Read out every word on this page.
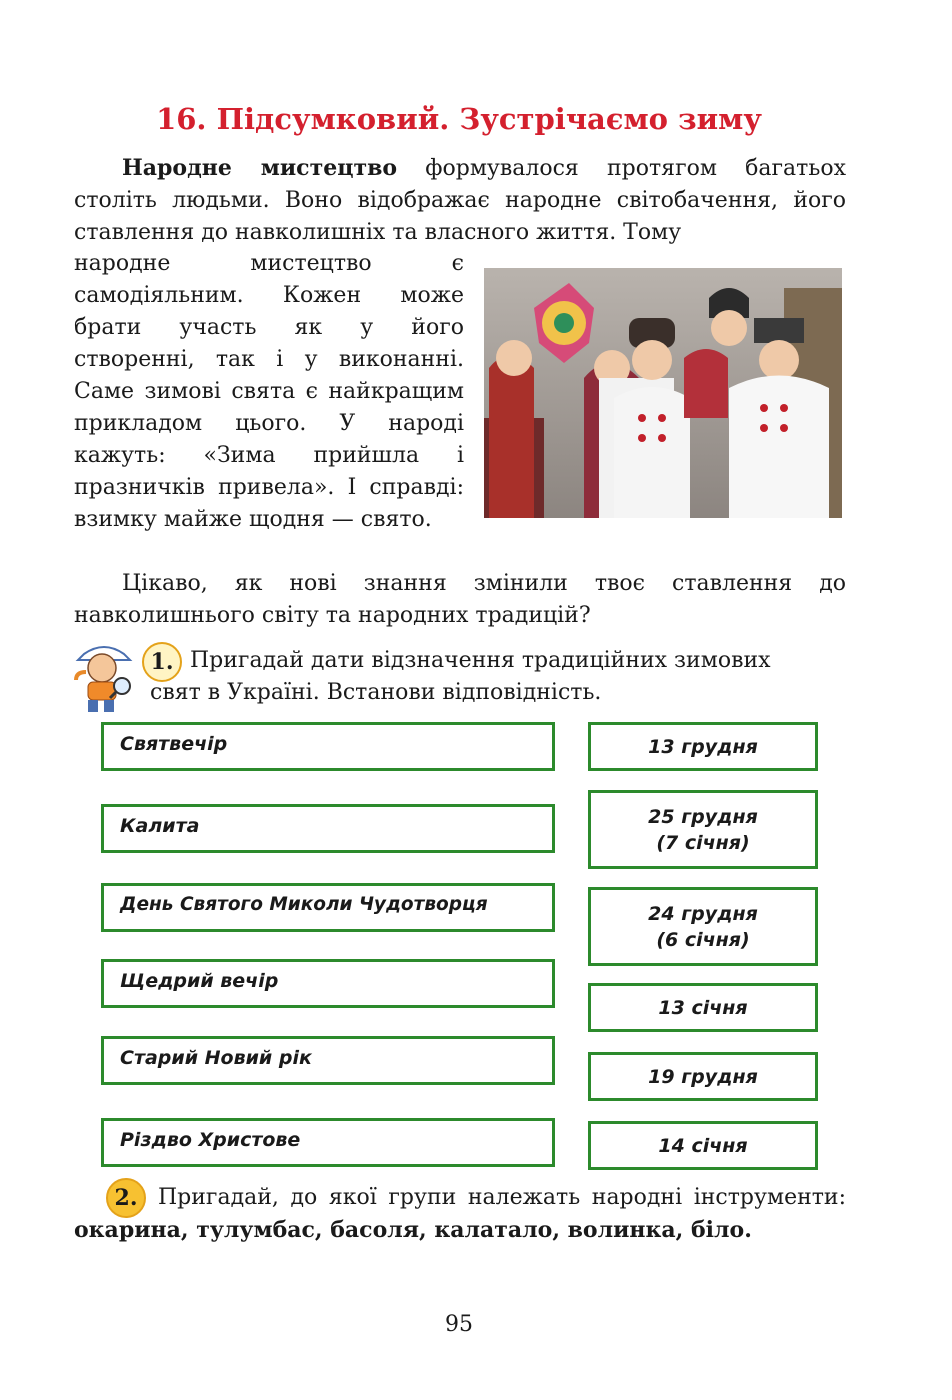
16. Підсумковий. Зустрічаємо зиму
Народне мистецтво формувалося протягом багатьох століть людьми. Воно відображає народне світобачення, його ставлення до навколишніх та власного життя. Тому
народне мистецтво є самодіяльним. Кожен може брати участь як у його створенні, так і у виконанні. Саме зимові свята є найкращим прикладом цього. У народі кажуть: «Зима прийшла і празничків привела». І справді: взимку майже щодня — свято.
Цікаво, як нові знання змінили твоє ставлення до навколишнього світу та народних традицій?
1. Пригадай дати відзначення традиційних зимових
свят в Україні. Встанови відповідність.
Святвечір
Калита
День Святого Миколи Чудотворця
Щедрий вечір
Старий Новий рік
Різдво Христове
13 грудня
25 грудня
(7 січня)
24 грудня
(6 січня)
13 січня
19 грудня
14 січня
2. Пригадай, до якої групи належать народні інструменти: окарина, тулумбас, басоля, калатало, волинка, біло.
95
